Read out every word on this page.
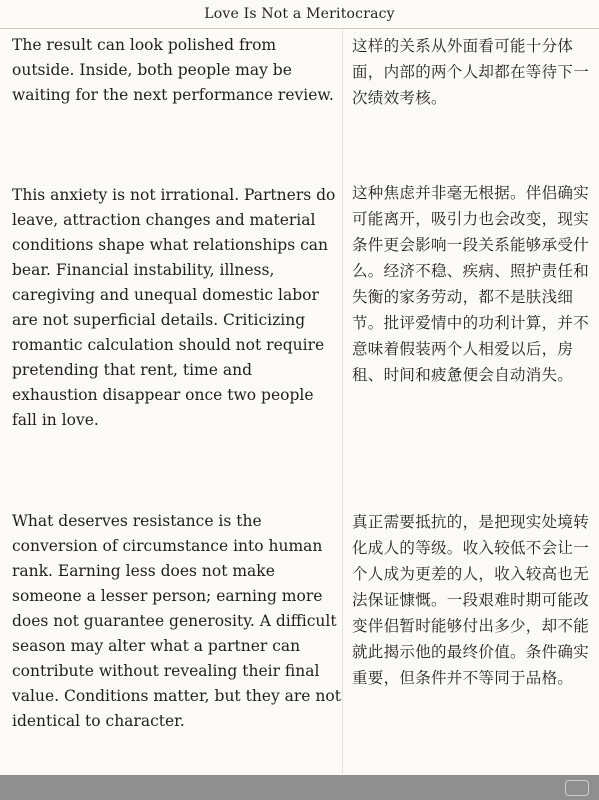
Love Is Not a Meritocracy

The result can look polished from outside. Inside, both people may be waiting for the next performance review.

这样的关系从外面看可能十分体面，内部的两个人却都在等待下一次绩效考核。

This anxiety is not irrational. Partners do leave, attraction changes and material conditions shape what relationships can bear. Financial instability, illness, caregiving and unequal domestic labor are not superficial details. Criticizing romantic calculation should not require pretending that rent, time and exhaustion disappear once two people fall in love.

这种焦虑并非毫无根据。伴侣确实可能离开，吸引力也会改变，现实条件更会影响一段关系能够承受什么。经济不稳、疾病、照护责任和失衡的家务劳动，都不是肤浅细节。批评爱情中的功利计算，并不意味着假装两个人相爱以后，房租、时间和疲惫便会自动消失。

What deserves resistance is the conversion of circumstance into human rank. Earning less does not make someone a lesser person; earning more does not guarantee generosity. A difficult season may alter what a partner can contribute without revealing their final value. Conditions matter, but they are not identical to character.

真正需要抵抗的，是把现实处境转化成人的等级。收入较低不会让一个人成为更差的人，收入较高也无法保证慷慨。一段艰难时期可能改变伴侣暂时能够付出多少，却不能就此揭示他的最终价值。条件确实重要，但条件并不等同于品格。
